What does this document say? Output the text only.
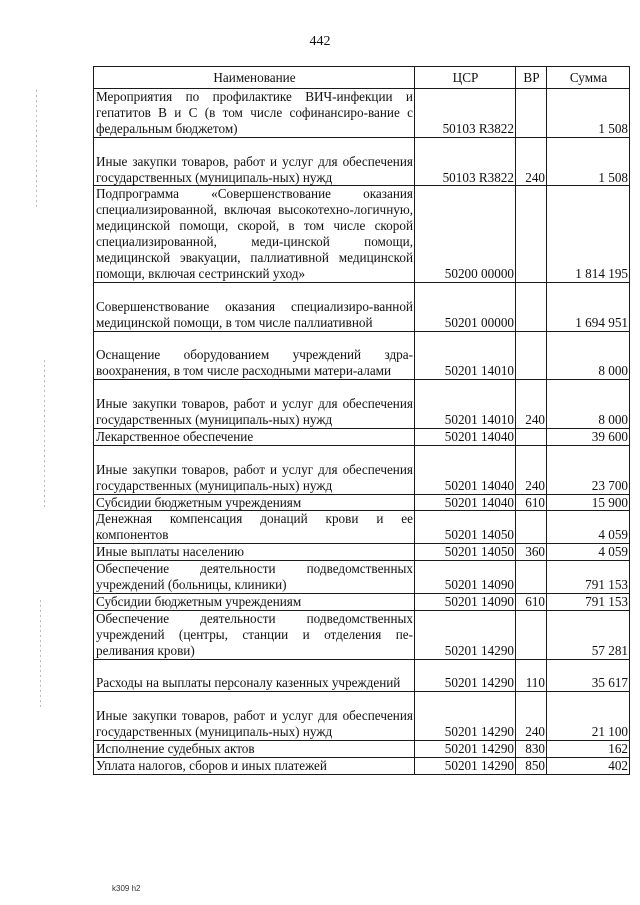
442
Наименование	ЦСР	ВР	Сумма
Мероприятия по профилактике ВИЧ-инфекции и гепатитов B и C (в том числе софинансиро-вание с федеральным бюджетом)	50103 R3822		1 508
Иные закупки товаров, работ и услуг для обеспечения государственных (муниципаль-ных) нужд	50103 R3822	240	1 508
Подпрограмма «Совершенствование оказания специализированной, включая высокотехно-логичную, медицинской помощи, скорой, в том числе скорой специализированной, меди-цинской помощи, медицинской эвакуации, паллиативной медицинской помощи, включая сестринский уход»	50200 00000		1 814 195
Совершенствование оказания специализиро-ванной медицинской помощи, в том числе паллиативной	50201 00000		1 694 951
Оснащение оборудованием учреждений здра-воохранения, в том числе расходными матери-алами	50201 14010		8 000
Иные закупки товаров, работ и услуг для обеспечения государственных (муниципаль-ных) нужд	50201 14010	240	8 000
Лекарственное обеспечение	50201 14040		39 600
Иные закупки товаров, работ и услуг для обеспечения государственных (муниципаль-ных) нужд	50201 14040	240	23 700
Субсидии бюджетным учреждениям	50201 14040	610	15 900
Денежная компенсация донаций крови и ее компонентов	50201 14050		4 059
Иные выплаты населению	50201 14050	360	4 059
Обеспечение деятельности подведомственных учреждений (больницы, клиники)	50201 14090		791 153
Субсидии бюджетным учреждениям	50201 14090	610	791 153
Обеспечение деятельности подведомственных учреждений (центры, станции и отделения пе-реливания крови)	50201 14290		57 281
Расходы на выплаты персоналу казенных учреждений	50201 14290	110	35 617
Иные закупки товаров, работ и услуг для обеспечения государственных (муниципаль-ных) нужд	50201 14290	240	21 100
Исполнение судебных актов	50201 14290	830	162
Уплата налогов, сборов и иных платежей	50201 14290	850	402
k309 h2
